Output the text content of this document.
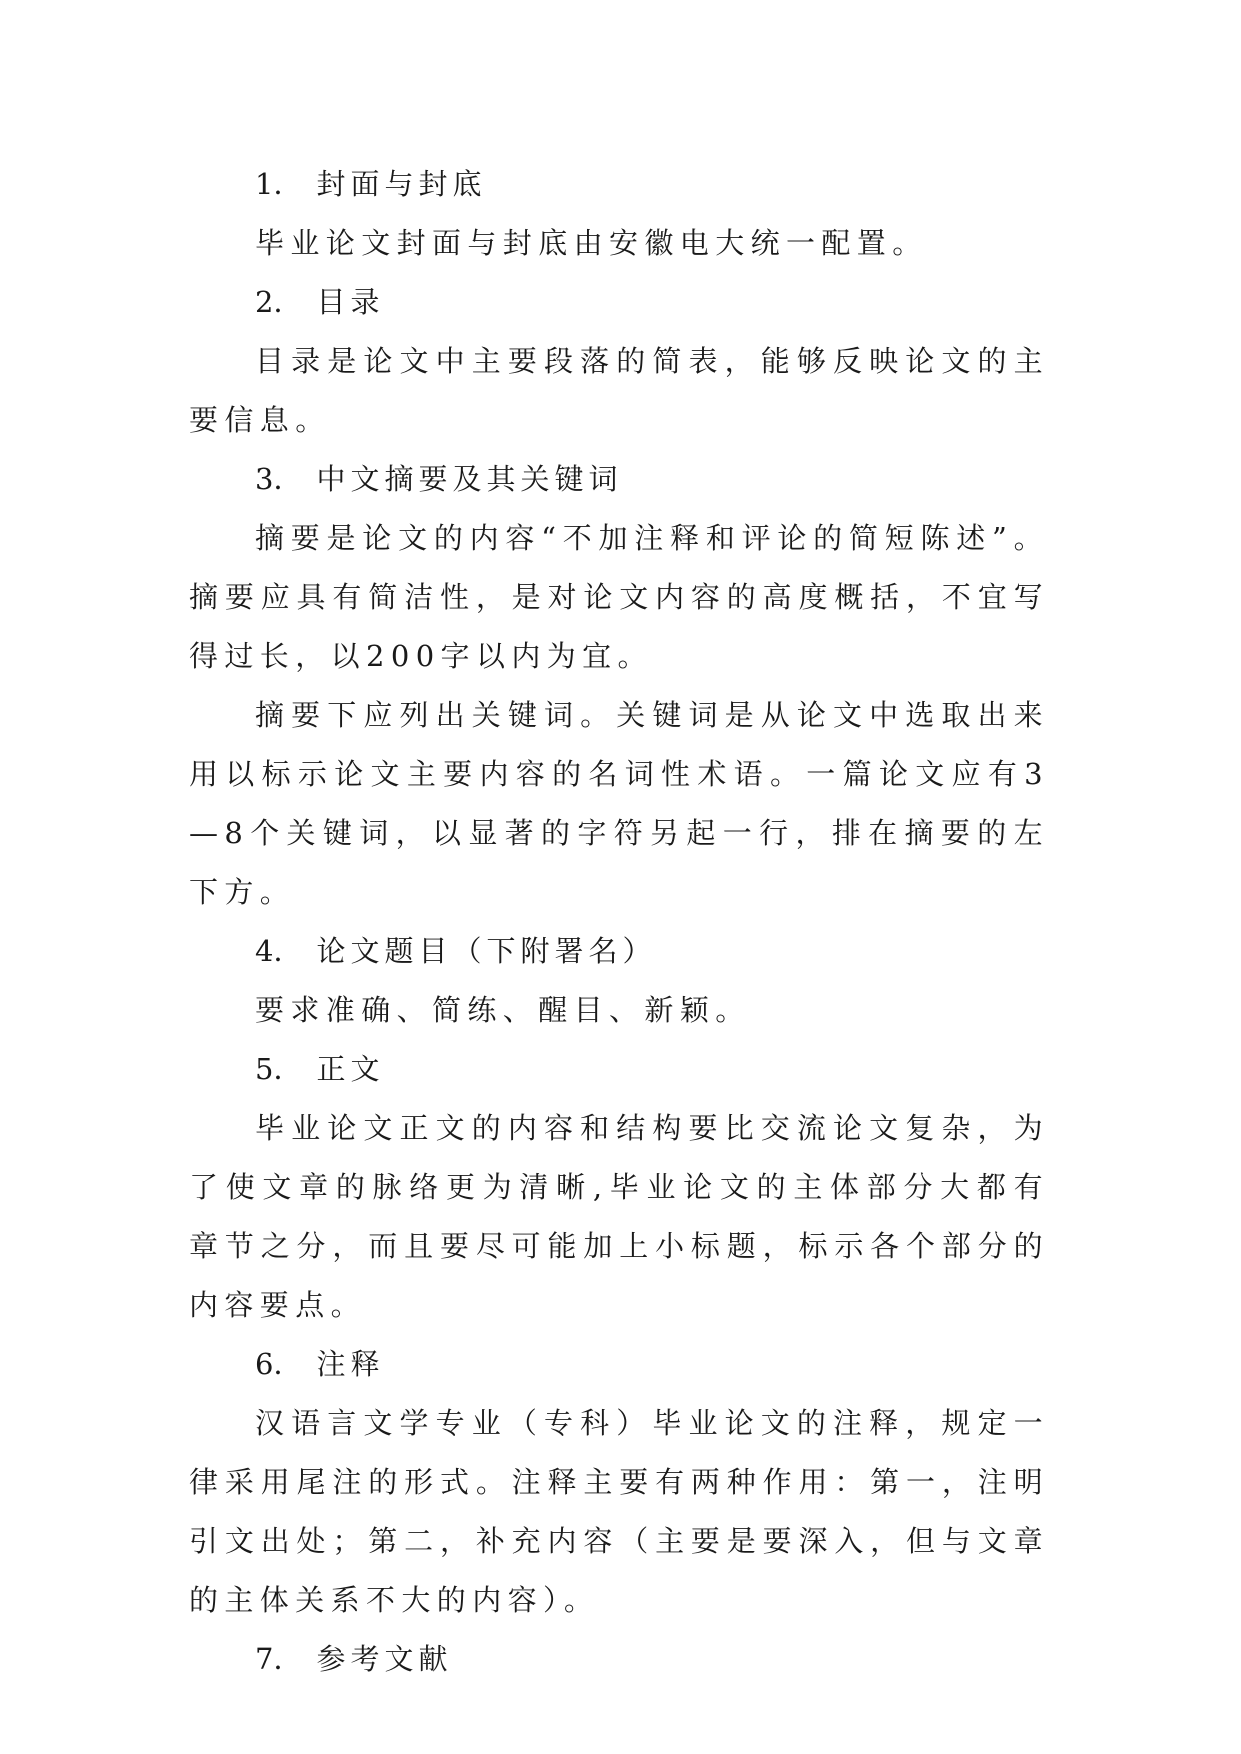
1． 封面与封底

毕业论文封面与封底由安徽电大统一配置。

2． 目录

目录是论文中主要段落的简表，能够反映论文的主要信息。

3． 中文摘要及其关键词

摘要是论文的内容“不加注释和评论的简短陈述”。摘要应具有简洁性，是对论文内容的高度概括，不宜写得过长，以200字以内为宜。

摘要下应列出关键词。关键词是从论文中选取出来用以标示论文主要内容的名词性术语。一篇论文应有3—8个关键词，以显著的字符另起一行，排在摘要的左下方。

4． 论文题目（下附署名）

要求准确、简练、醒目、新颖。

5． 正文

毕业论文正文的内容和结构要比交流论文复杂，为了使文章的脉络更为清晰,毕业论文的主体部分大都有章节之分，而且要尽可能加上小标题，标示各个部分的内容要点。

6． 注释

汉语言文学专业（专科）毕业论文的注释，规定一律采用尾注的形式。注释主要有两种作用：第一，注明引文出处；第二，补充内容（主要是要深入，但与文章的主体关系不大的内容）。

7． 参考文献
